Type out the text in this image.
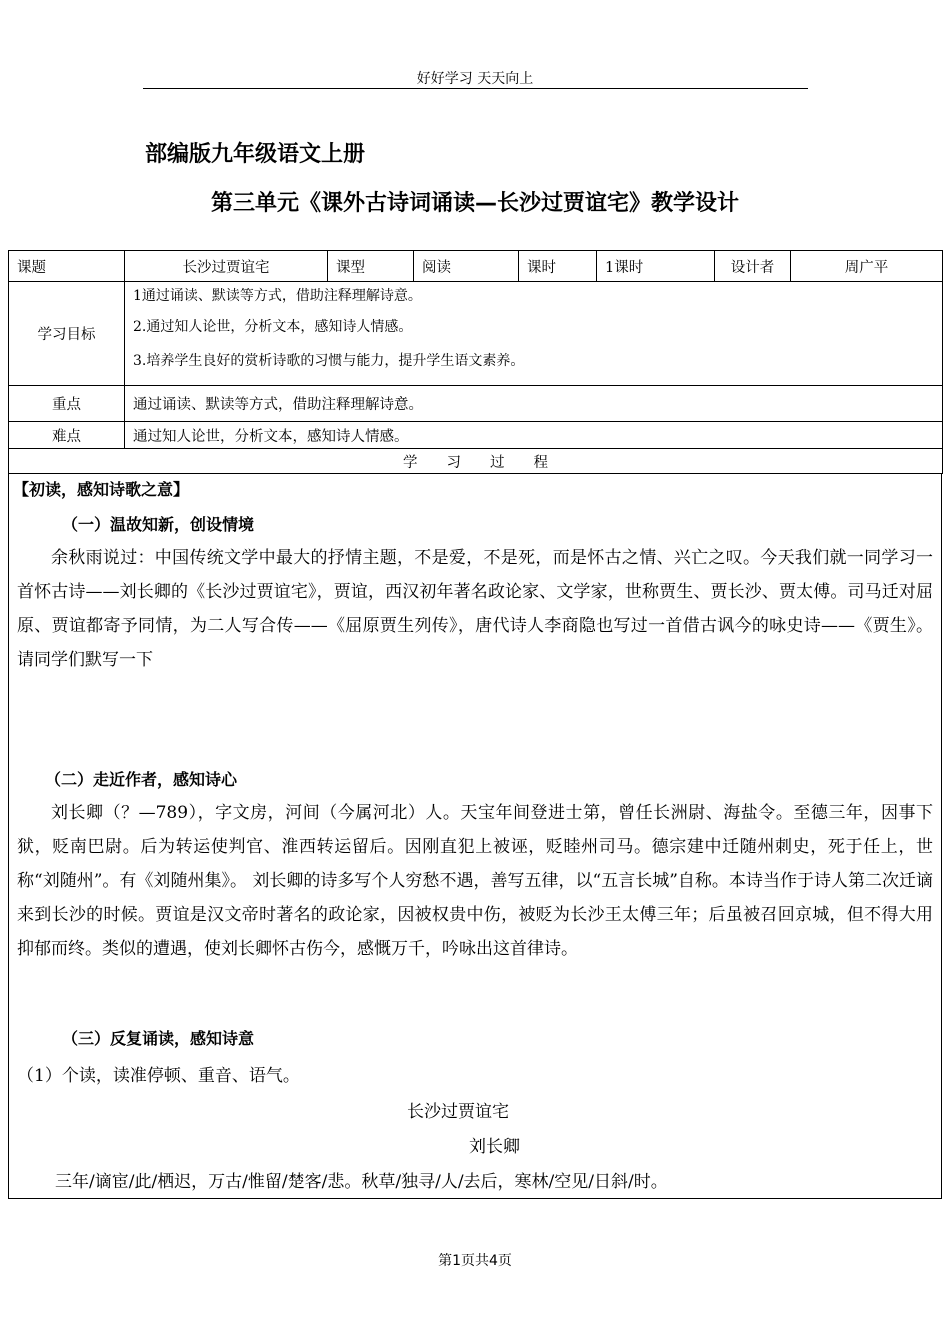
好好学习 天天向上
部编版九年级语文上册
第三单元《课外古诗词诵读—长沙过贾谊宅》教学设计
课题	长沙过贾谊宅	课型	阅读	课时	1课时	设计者	周广平
学习目标	1通过诵读、默读等方式，借助注释理解诗意。
2.通过知人论世，分析文本，感知诗人情感。
3.培养学生良好的赏析诗歌的习惯与能力，提升学生语文素养。						

重点	通过诵读、默读等方式，借助注释理解诗意。						
难点	通过知人论世，分析文本，感知诗人情感。						
学　　习　　过　　程							
【初读，感知诗歌之意】
（一）温故知新，创设情境
余秋雨说过：中国传统文学中最大的抒情主题，不是爱，不是死，而是怀古之情、兴亡之叹。今天我们就一同学习一首怀古诗——刘长卿的《长沙过贾谊宅》，贾谊，西汉初年著名政论家、文学家，世称贾生、贾长沙、贾太傅。司马迁对屈原、贾谊都寄予同情，为二人写合传——《屈原贾生列传》，唐代诗人李商隐也写过一首借古讽今的咏史诗——《贾生》。请同学们默写一下
（二）走近作者，感知诗心
刘长卿（？—789），字文房，河间（今属河北）人。天宝年间登进士第，曾任长洲尉、海盐令。至德三年，因事下狱，贬南巴尉。后为转运使判官、淮西转运留后。因刚直犯上被诬，贬睦州司马。德宗建中迁随州刺史，死于任上，世称“刘随州”。有《刘随州集》。 刘长卿的诗多写个人穷愁不遇，善写五律，以“五言长城”自称。本诗当作于诗人第二次迁谪来到长沙的时候。贾谊是汉文帝时著名的政论家，因被权贵中伤，被贬为长沙王太傅三年；后虽被召回京城，但不得大用抑郁而终。类似的遭遇，使刘长卿怀古伤今，感慨万千，吟咏出这首律诗。
（三）反复诵读，感知诗意
（1）个读，读准停顿、重音、语气。
长沙过贾谊宅
刘长卿
三年/谪宦/此/栖迟，万古/惟留/楚客/悲。秋草/独寻/人/去后，寒林/空见/日斜/时。
第1页共4页
